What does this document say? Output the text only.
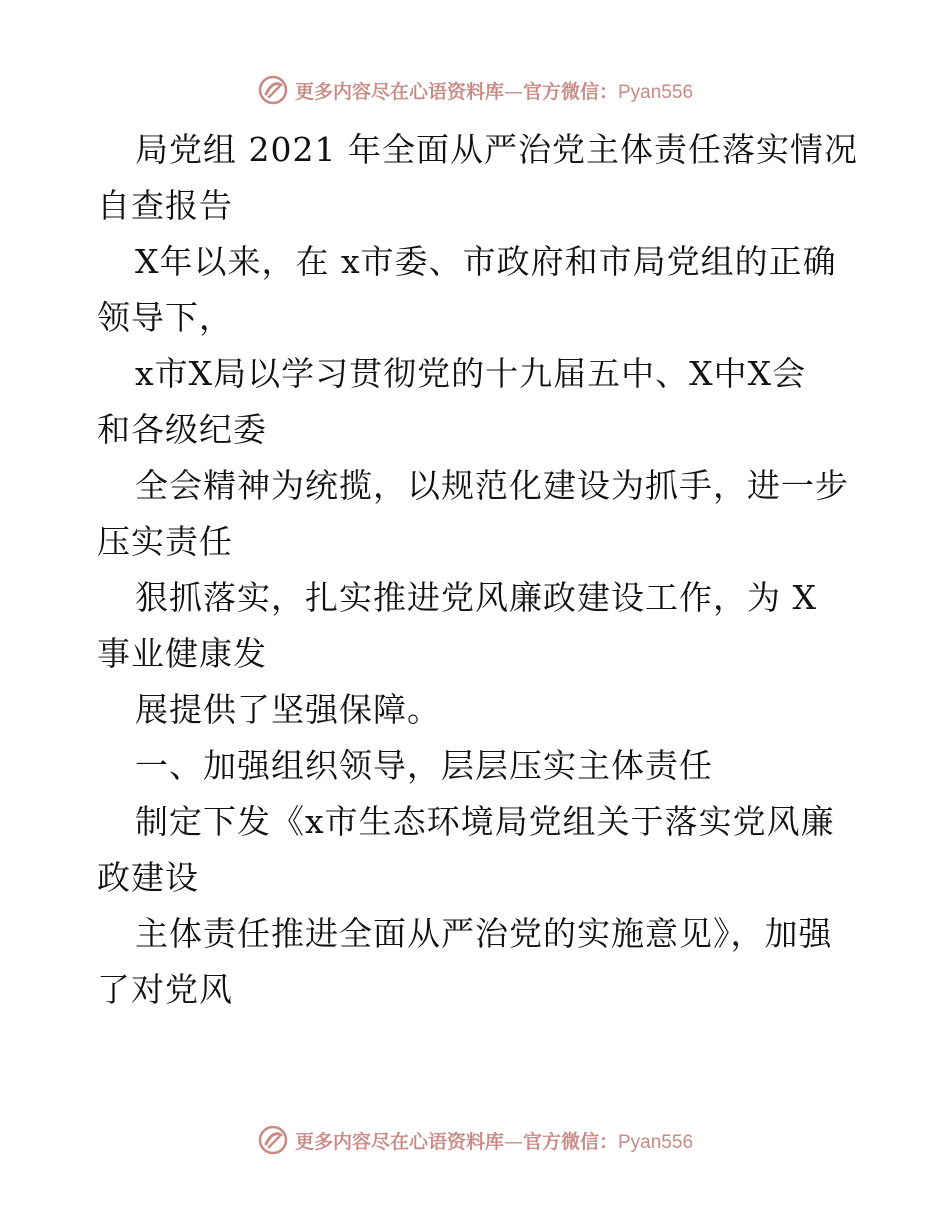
更多内容尽在心语资料库—官方微信：Pyan556
局党组 2021 年全面从严治党主体责任落实情况
自查报告
X年以来，在 x市委、市政府和市局党组的正确
领导下，
x市X局以学习贯彻党的十九届五中、X中X会
和各级纪委
全会精神为统揽，以规范化建设为抓手，进一步
压实责任
狠抓落实，扎实推进党风廉政建设工作，为 X
事业健康发
展提供了坚强保障。
一、加强组织领导，层层压实主体责任
制定下发《x市生态环境局党组关于落实党风廉
政建设
主体责任推进全面从严治党的实施意见》，加强
了对党风
更多内容尽在心语资料库—官方微信：Pyan556
